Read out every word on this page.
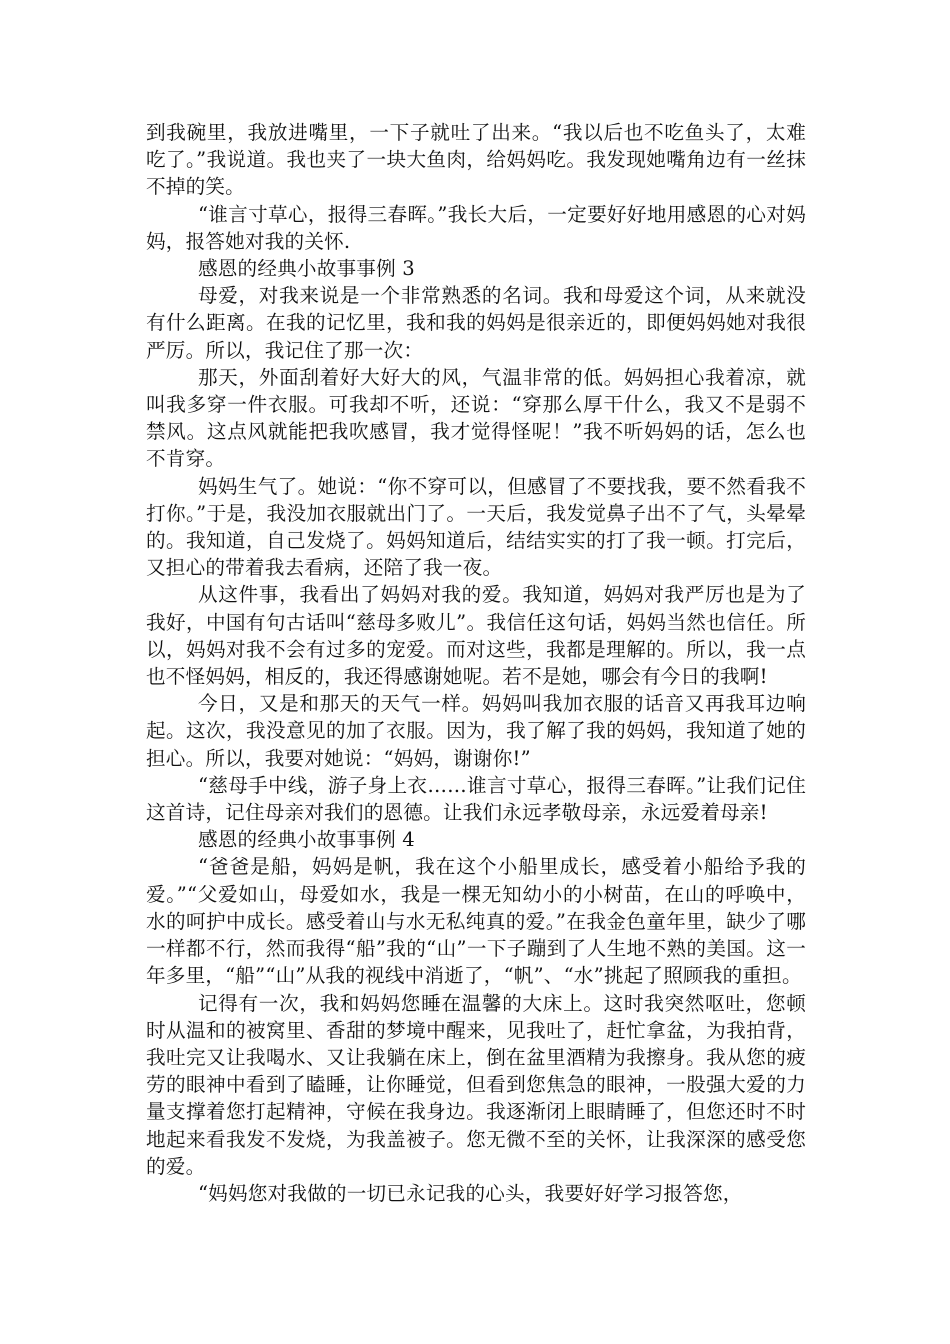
到我碗里，我放进嘴里，一下子就吐了出来。“我以后也不吃鱼头了，太难吃了。”我说道。我也夹了一块大鱼肉，给妈妈吃。我发现她嘴角边有一丝抹不掉的笑。

“谁言寸草心，报得三春晖。”我长大后，一定要好好地用感恩的心对妈妈，报答她对我的关怀.

感恩的经典小故事事例 3

母爱，对我来说是一个非常熟悉的名词。我和母爱这个词，从来就没有什么距离。在我的记忆里，我和我的妈妈是很亲近的，即便妈妈她对我很严厉。所以，我记住了那一次：

那天，外面刮着好大好大的风，气温非常的低。妈妈担心我着凉，就叫我多穿一件衣服。可我却不听，还说：“穿那么厚干什么，我又不是弱不禁风。这点风就能把我吹感冒，我才觉得怪呢！”我不听妈妈的话，怎么也不肯穿。

妈妈生气了。她说：“你不穿可以，但感冒了不要找我，要不然看我不打你。”于是，我没加衣服就出门了。一天后，我发觉鼻子出不了气，头晕晕的。我知道，自己发烧了。妈妈知道后，结结实实的打了我一顿。打完后，又担心的带着我去看病，还陪了我一夜。

从这件事，我看出了妈妈对我的爱。我知道，妈妈对我严厉也是为了我好，中国有句古话叫“慈母多败儿”。我信任这句话，妈妈当然也信任。所以，妈妈对我不会有过多的宠爱。而对这些，我都是理解的。所以，我一点也不怪妈妈，相反的，我还得感谢她呢。若不是她，哪会有今日的我啊!

今日，又是和那天的天气一样。妈妈叫我加衣服的话音又再我耳边响起。这次，我没意见的加了衣服。因为，我了解了我的妈妈，我知道了她的担心。所以，我要对她说：“妈妈，谢谢你!”

“慈母手中线，游子身上衣……谁言寸草心，报得三春晖。”让我们记住这首诗，记住母亲对我们的恩德。让我们永远孝敬母亲，永远爱着母亲!

感恩的经典小故事事例 4

“爸爸是船，妈妈是帆，我在这个小船里成长，感受着小船给予我的爱。”“父爱如山，母爱如水，我是一棵无知幼小的小树苗，在山的呼唤中，水的呵护中成长。感受着山与水无私纯真的爱。”在我金色童年里，缺少了哪一样都不行，然而我得“船”我的“山”一下子蹦到了人生地不熟的美国。这一年多里，“船”“山”从我的视线中消逝了，“帆”、“水”挑起了照顾我的重担。

记得有一次，我和妈妈您睡在温馨的大床上。这时我突然呕吐，您顿时从温和的被窝里、香甜的梦境中醒来，见我吐了，赶忙拿盆，为我拍背，我吐完又让我喝水、又让我躺在床上，倒在盆里酒精为我擦身。我从您的疲劳的眼神中看到了瞌睡，让你睡觉，但看到您焦急的眼神，一股强大爱的力量支撑着您打起精神，守候在我身边。我逐渐闭上眼睛睡了，但您还时不时地起来看我发不发烧，为我盖被子。您无微不至的关怀，让我深深的感受您的爱。

“妈妈您对我做的一切已永记我的心头，我要好好学习报答您，
